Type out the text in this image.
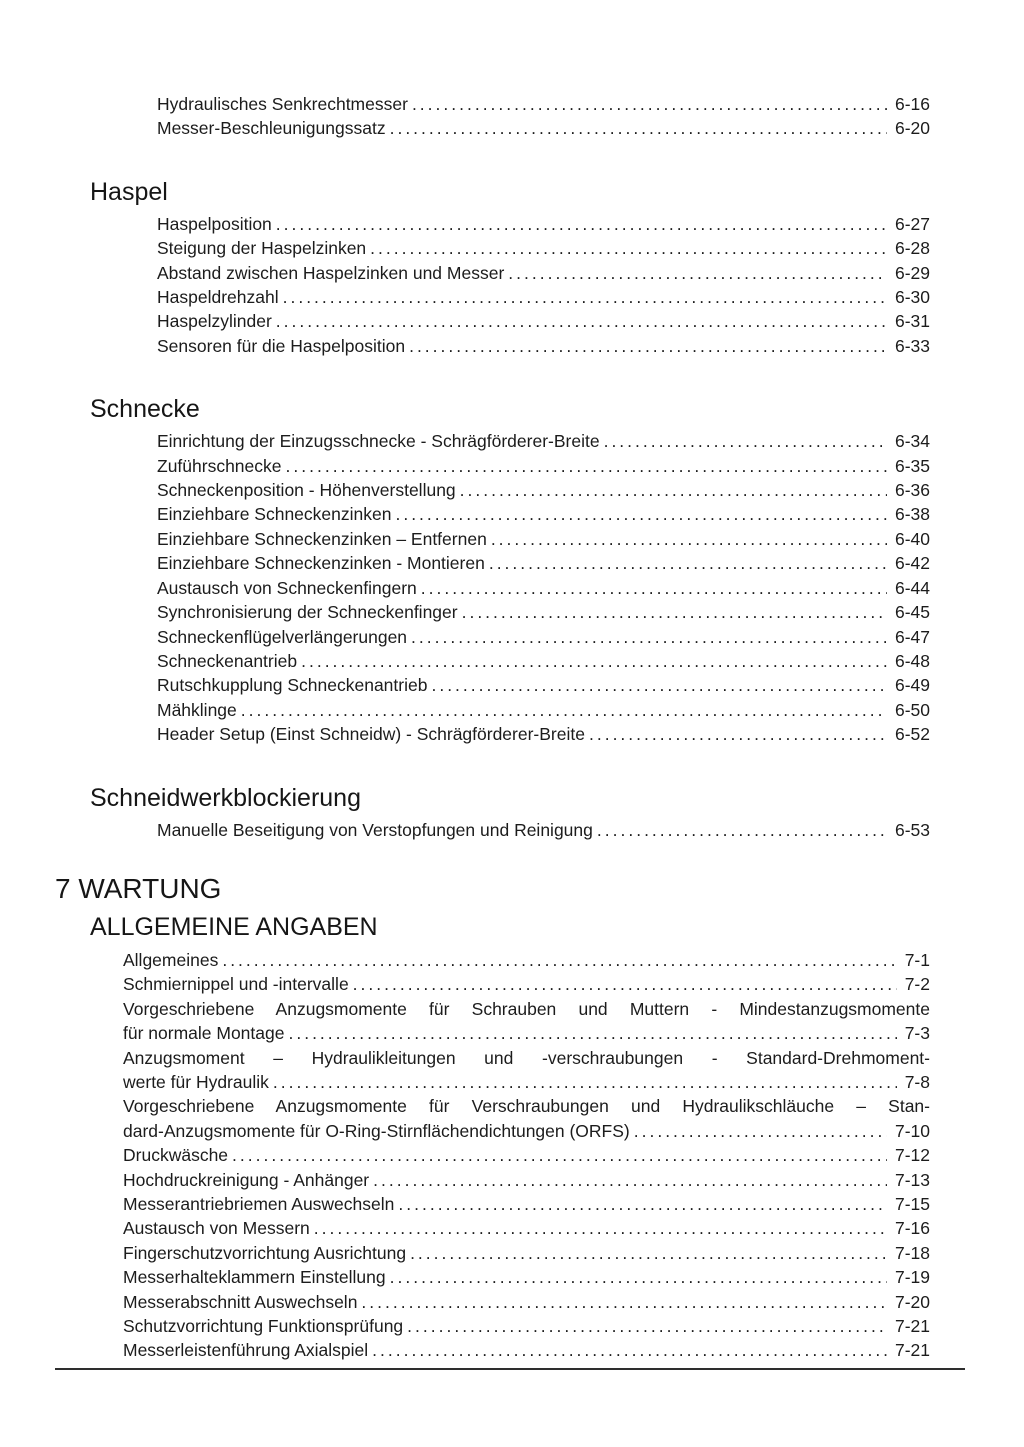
Hydraulisches Senkrechtmesser .....	6-16
Messer-Beschleunigungssatz .....	6-20
Haspel
Haspelposition .....	6-27
Steigung der Haspelzinken .....	6-28
Abstand zwischen Haspelzinken und Messer .....	6-29
Haspeldrehzahl .....	6-30
Haspelzylinder .....	6-31
Sensoren für die Haspelposition .....	6-33
Schnecke
Einrichtung der Einzugsschnecke - Schrägförderer-Breite .....	6-34
Zuführschnecke .....	6-35
Schneckenposition - Höhenverstellung .....	6-36
Einziehbare Schneckenzinken .....	6-38
Einziehbare Schneckenzinken – Entfernen .....	6-40
Einziehbare Schneckenzinken - Montieren .....	6-42
Austausch von Schneckenfingern .....	6-44
Synchronisierung der Schneckenfinger .....	6-45
Schneckenflügelverlängerungen .....	6-47
Schneckenantrieb .....	6-48
Rutschkupplung Schneckenantrieb .....	6-49
Mähklinge .....	6-50
Header Setup (Einst Schneidw) - Schrägförderer-Breite .....	6-52
Schneidwerkblockierung
Manuelle Beseitigung von Verstopfungen und Reinigung .....	6-53
7 WARTUNG
ALLGEMEINE ANGABEN
Allgemeines .....	7-1
Schmiernippel und -intervalle .....	7-2
Vorgeschriebene Anzugsmomente für Schrauben und Muttern - Mindestanzugsmomente
für normale Montage .....	7-3
Anzugsmoment – Hydraulikleitungen und -verschraubungen - Standard-Drehmoment-
werte für Hydraulik .....	7-8
Vorgeschriebene Anzugsmomente für Verschraubungen und Hydraulikschläuche – Stan-
dard-Anzugsmomente für O-Ring-Stirnflächendichtungen (ORFS) .....	7-10
Druckwäsche .....	7-12
Hochdruckreinigung - Anhänger .....	7-13
Messerantriebriemen Auswechseln .....	7-15
Austausch von Messern .....	7-16
Fingerschutzvorrichtung Ausrichtung .....	7-18
Messerhalteklammern Einstellung .....	7-19
Messerabschnitt Auswechseln .....	7-20
Schutzvorrichtung Funktionsprüfung .....	7-21
Messerleistenführung Axialspiel .....	7-21
